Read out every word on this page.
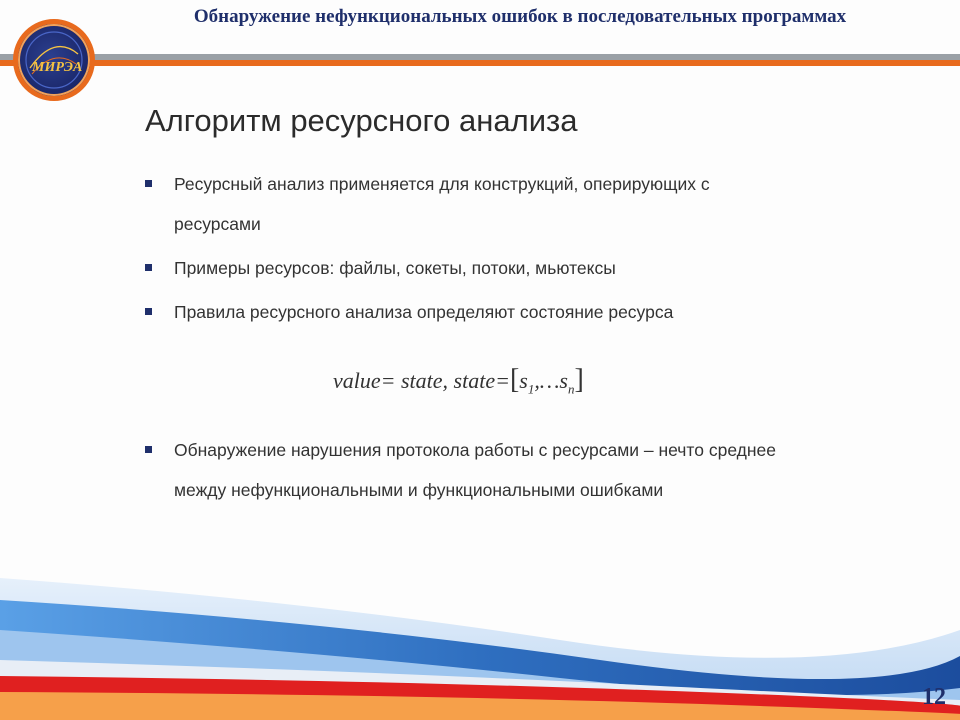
Обнаружение нефункциональных ошибок в последовательных программах
МИРЭА
Алгоритм ресурсного анализа
Ресурсный анализ применяется для конструкций, оперирующих с ресурсами
Примеры ресурсов: файлы, сокеты, потоки, мьютексы
Правила ресурсного анализа определяют состояние ресурса
value= state, $state=[s_1,\dots s_n]$
Обнаружение нарушения протокола работы с ресурсами – нечто среднее между нефункциональными и функциональными ошибками
12
